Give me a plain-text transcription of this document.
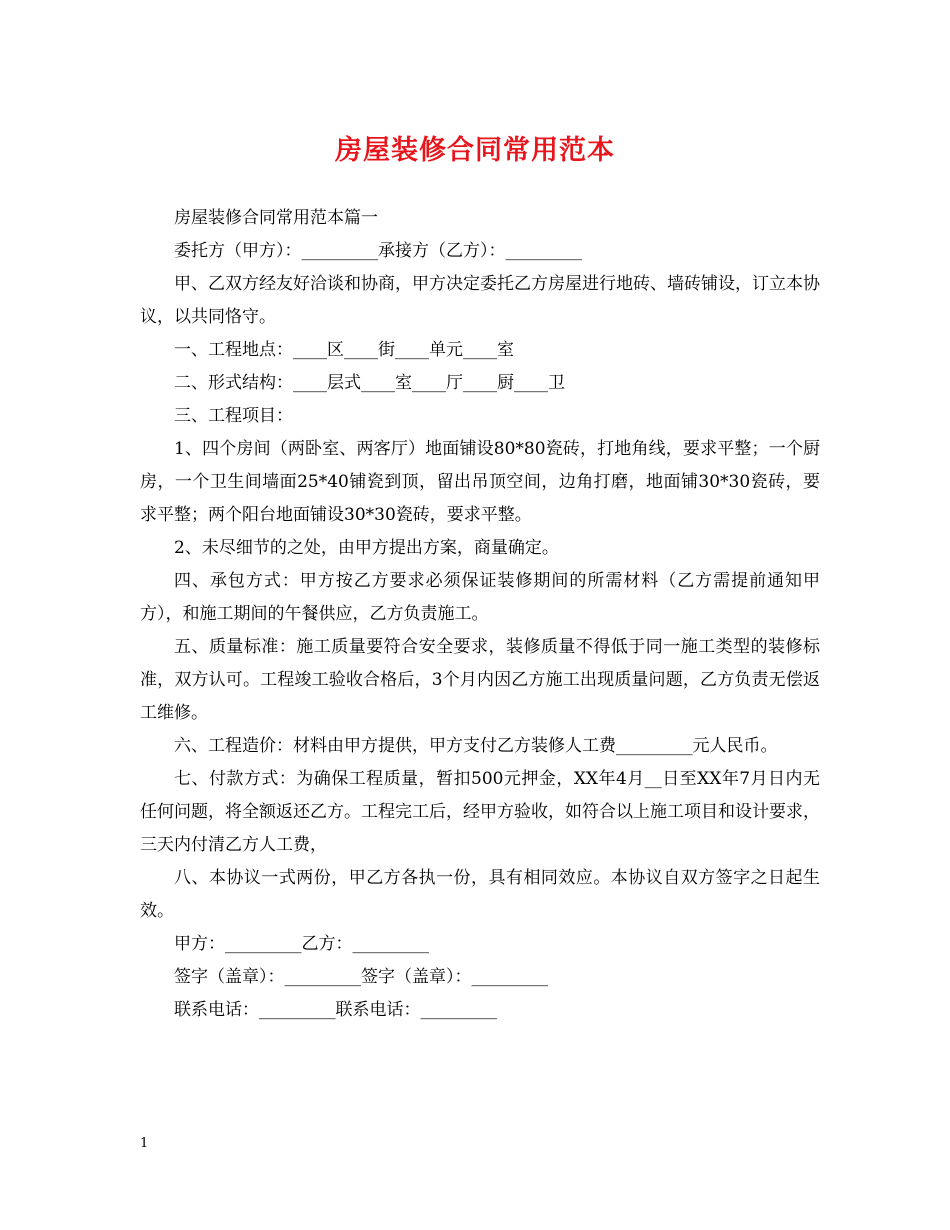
房屋装修合同常用范本

房屋装修合同常用范本篇一

委托方（甲方）：_________承接方（乙方）：_________

甲、乙双方经友好洽谈和协商，甲方决定委托乙方房屋进行地砖、墙砖铺设，订立本协议，以共同恪守。

一、工程地点：____区____街____单元____室

二、形式结构：____层式____室____厅____厨____卫

三、工程项目：

1、四个房间（两卧室、两客厅）地面铺设80*80瓷砖，打地角线，要求平整；一个厨房，一个卫生间墙面25*40铺瓷到顶，留出吊顶空间，边角打磨，地面铺30*30瓷砖，要求平整；两个阳台地面铺设30*30瓷砖，要求平整。

2、未尽细节的之处，由甲方提出方案，商量确定。

四、承包方式：甲方按乙方要求必须保证装修期间的所需材料（乙方需提前通知甲方），和施工期间的午餐供应，乙方负责施工。

五、质量标准：施工质量要符合安全要求，装修质量不得低于同一施工类型的装修标准，双方认可。工程竣工验收合格后，3个月内因乙方施工出现质量问题，乙方负责无偿返工维修。

六、工程造价：材料由甲方提供，甲方支付乙方装修人工费_________元人民币。

七、付款方式：为确保工程质量，暂扣500元押金，XX年4月__日至XX年7月日内无任何问题，将全额返还乙方。工程完工后，经甲方验收，如符合以上施工项目和设计要求，三天内付清乙方人工费，

八、本协议一式两份，甲乙方各执一份，具有相同效应。本协议自双方签字之日起生效。

甲方：_________乙方：_________

签字（盖章）：_________签字（盖章）：_________

联系电话：_________联系电话：_________

1
